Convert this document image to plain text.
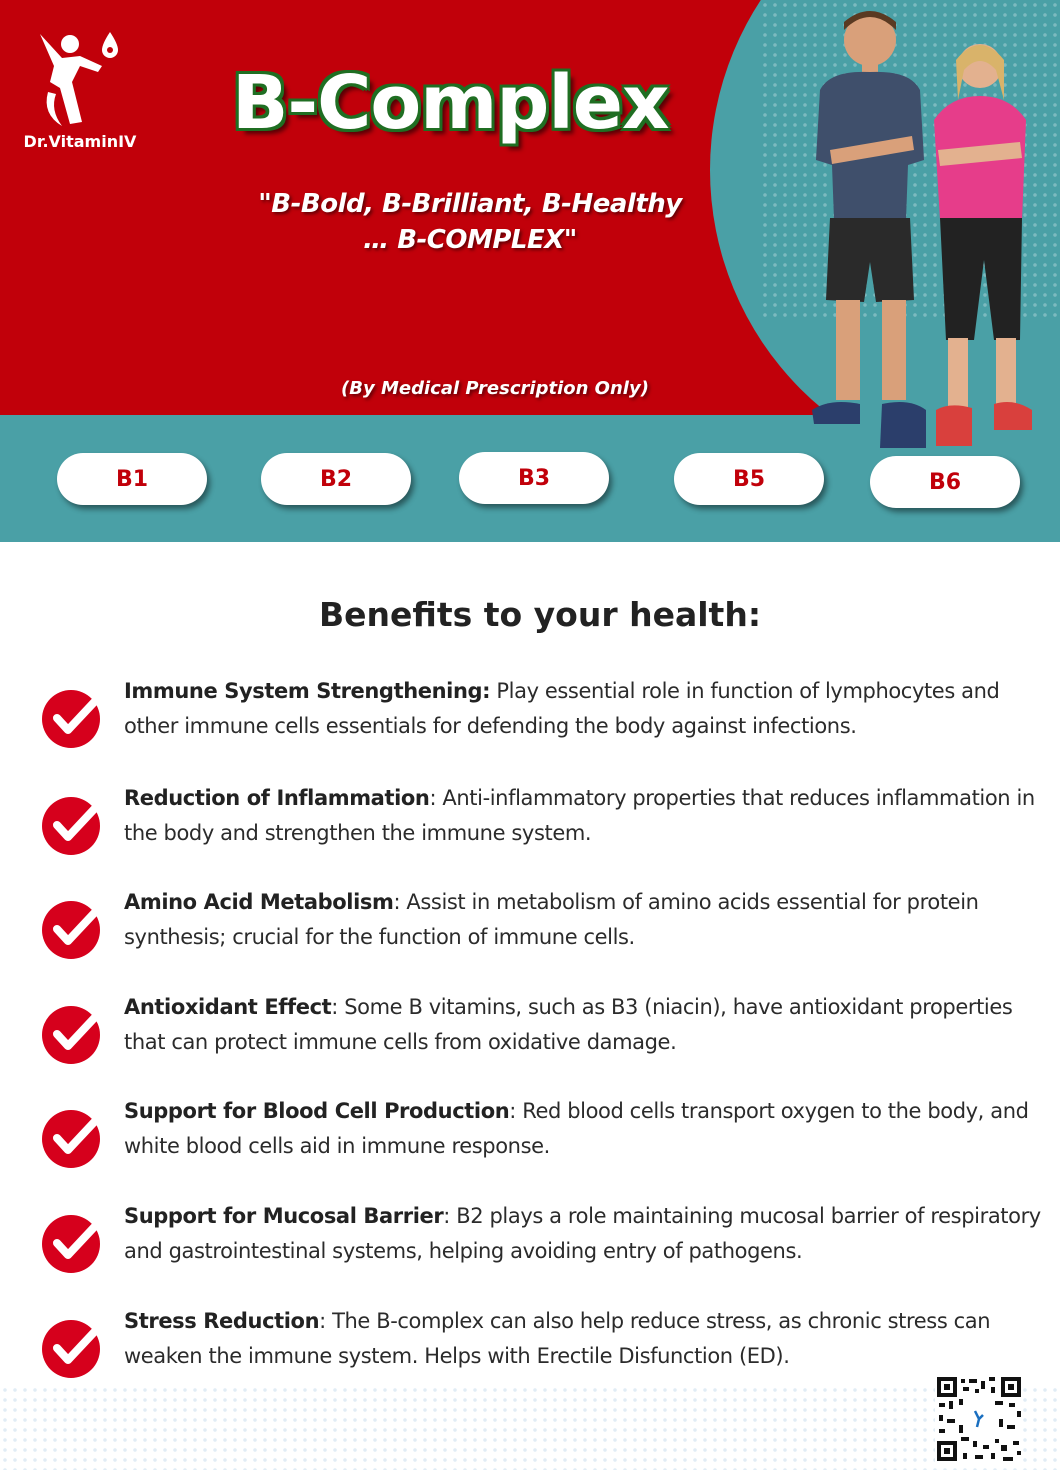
Dr.VitaminIV B-Complex
"B-Bold, B-Brilliant, B-Healthy
… B-COMPLEX"
(By Medical Prescription Only)
B1	B2	B3	B5	B6
Benefits to your health:

Immune System Strengthening: Play essential role in function of lymphocytes and other immune cells essentials for defending the body against infections.

Reduction of Inflammation: Anti-inflammatory properties that reduces inflammation in the body and strengthen the immune system.

Amino Acid Metabolism: Assist in metabolism of amino acids essential for protein synthesis; crucial for the function of immune cells.

Antioxidant Effect: Some B vitamins, such as B3 (niacin), have antioxidant properties that can protect immune cells from oxidative damage.

Support for Blood Cell Production: Red blood cells transport oxygen to the body, and white blood cells aid in immune response.

Support for Mucosal Barrier: B2 plays a role maintaining mucosal barrier of respiratory and gastrointestinal systems, helping avoiding entry of pathogens.

Stress Reduction: The B-complex can also help reduce stress, as chronic stress can weaken the immune system. Helps with Erectile Disfunction (ED).
